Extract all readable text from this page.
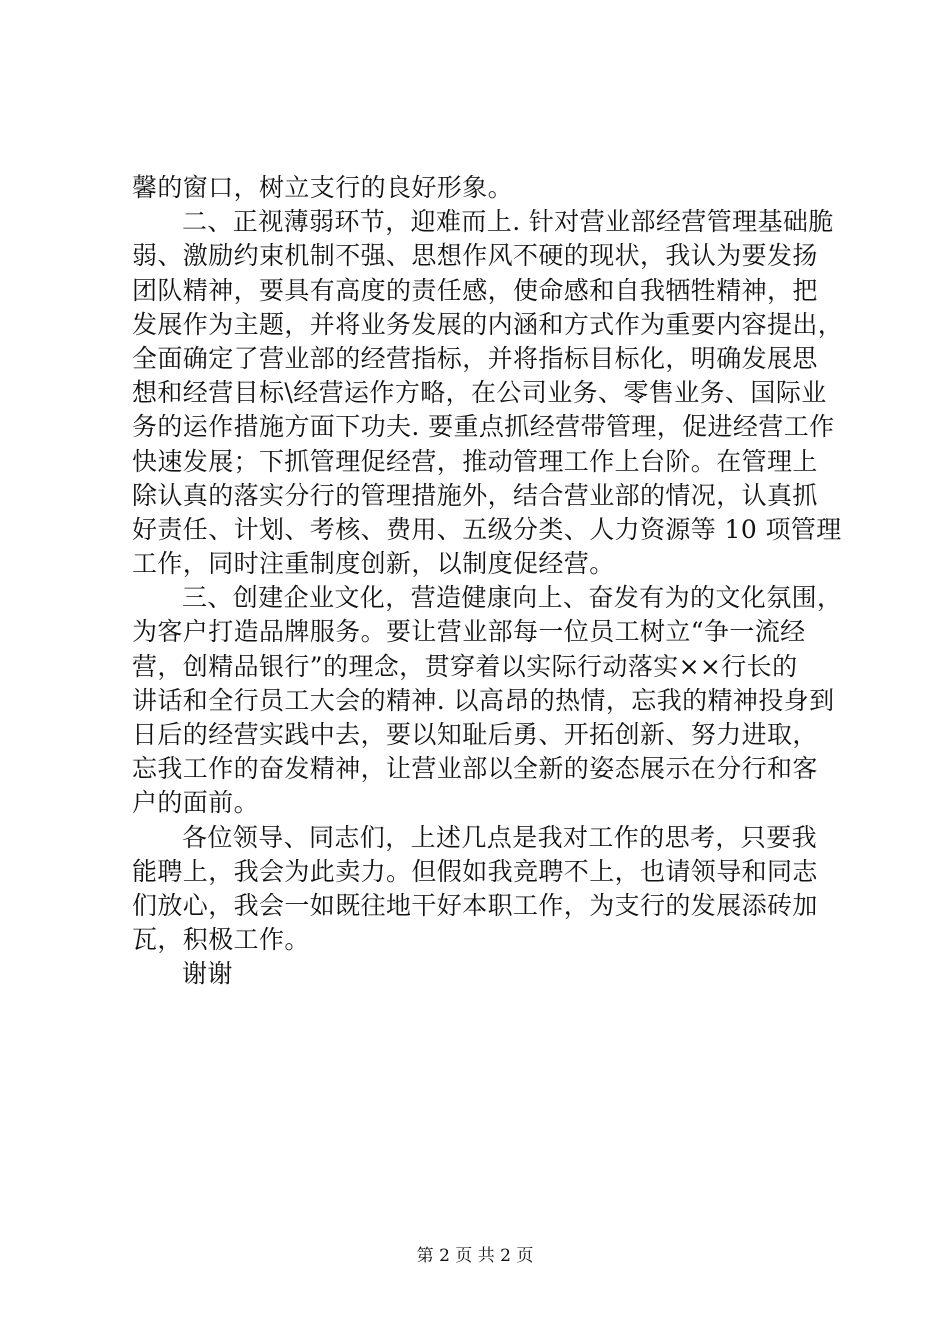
馨的窗口，树立支行的良好形象。
二、正视薄弱环节，迎难而上. 针对营业部经营管理基础脆
弱、激励约束机制不强、思想作风不硬的现状，我认为要发扬
团队精神，要具有高度的责任感，使命感和自我牺牲精神，把
发展作为主题，并将业务发展的内涵和方式作为重要内容提出，
全面确定了营业部的经营指标，并将指标目标化，明确发展思
想和经营目标\经营运作方略，在公司业务、零售业务、国际业
务的运作措施方面下功夫. 要重点抓经营带管理，促进经营工作
快速发展；下抓管理促经营，推动管理工作上台阶。在管理上
除认真的落实分行的管理措施外，结合营业部的情况，认真抓
好责任、计划、考核、费用、五级分类、人力资源等 10 项管理
工作，同时注重制度创新，以制度促经营。
三、创建企业文化，营造健康向上、奋发有为的文化氛围，
为客户打造品牌服务。要让营业部每一位员工树立“争一流经
营，创精品银行”的理念，贯穿着以实际行动落实××行长的
讲话和全行员工大会的精神. 以高昂的热情，忘我的精神投身到
日后的经营实践中去，要以知耻后勇、开拓创新、努力进取，
忘我工作的奋发精神，让营业部以全新的姿态展示在分行和客
户的面前。
各位领导、同志们，上述几点是我对工作的思考，只要我
能聘上，我会为此卖力。但假如我竞聘不上，也请领导和同志
们放心，我会一如既往地干好本职工作，为支行的发展添砖加
瓦，积极工作。
谢谢
第 2 页 共 2 页
